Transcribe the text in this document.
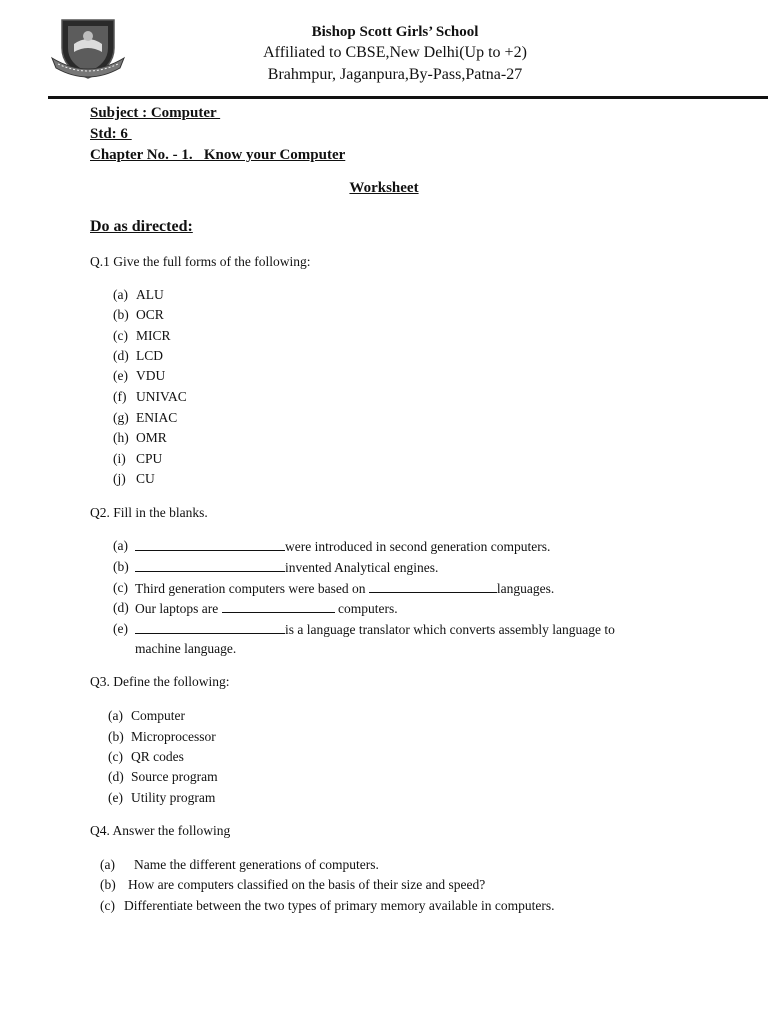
Bishop Scott Girls’ School
Affiliated to CBSE,New Delhi(Up to +2)
Brahmpur, Jaganpura,By-Pass,Patna-27
Subject : Computer
Std: 6
Chapter No. - 1.   Know your Computer
Worksheet
Do as directed:
Q.1 Give the full forms of the following:
(a) ALU
(b) OCR
(c) MICR
(d) LCD
(e) VDU
(f) UNIVAC
(g) ENIAC
(h) OMR
(i) CPU
(j) CU
Q2. Fill in the blanks.
(a)	were introduced in second generation computers.
(b)	invented Analytical engines.
(c) Third generation computers were based on	languages.
(d) Our laptops are	computers.
(e)	is a language translator which converts assembly language to
machine language.
Q3. Define the following:
(a) Computer
(b) Microprocessor
(c) QR codes
(d) Source program
(e) Utility program
Q4. Answer the following
(a)	Name the different generations of computers.
(b) How are computers classified on the basis of their size and speed?
(c) Differentiate between the two types of primary memory available in computers.
